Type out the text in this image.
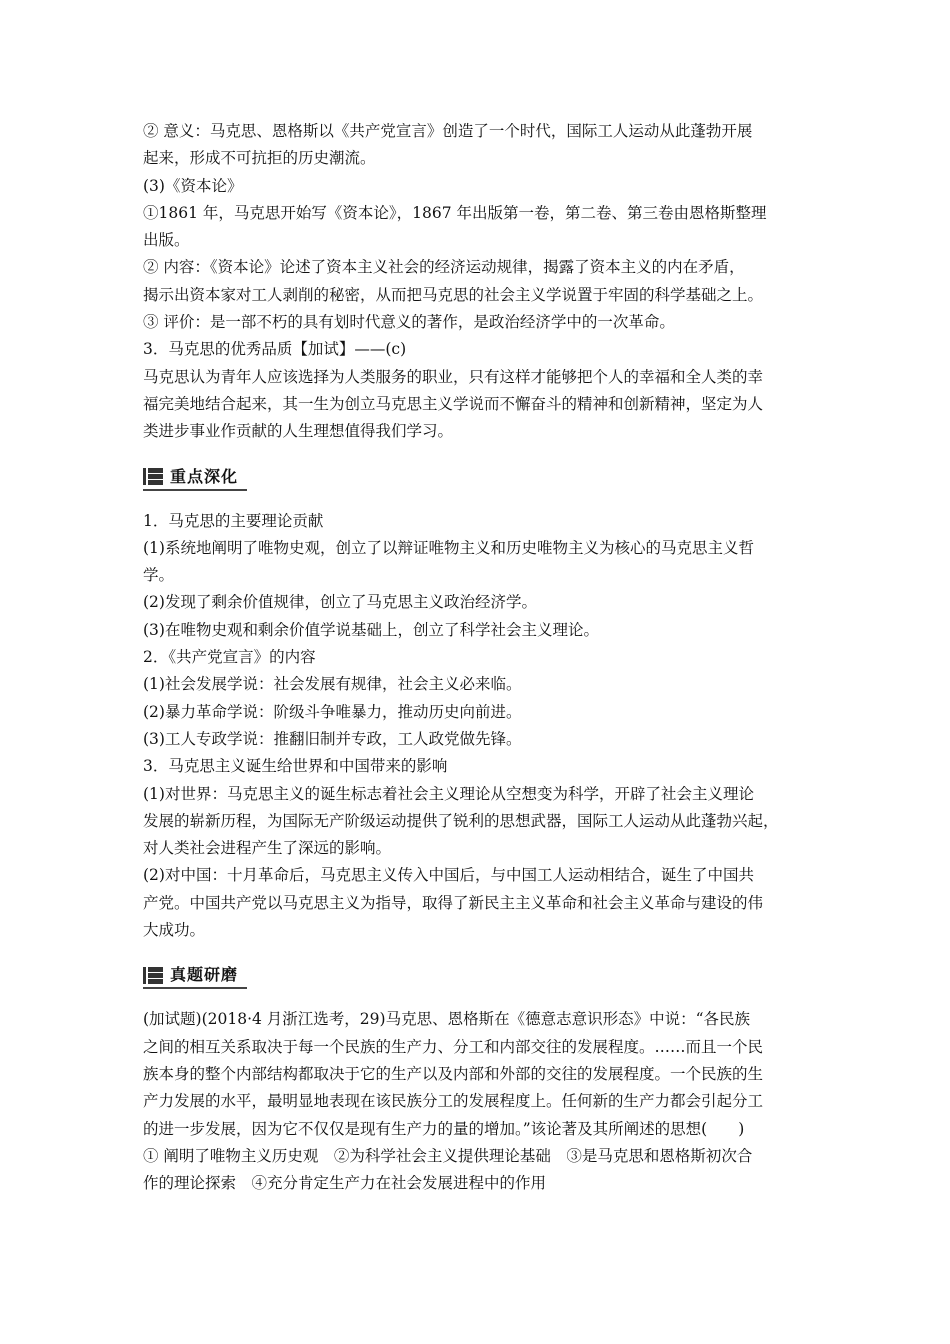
② 意义：马克思、恩格斯以《共产党宣言》创造了一个时代，国际工人运动从此蓬勃开展

起来，形成不可抗拒的历史潮流。

(3)《资本论》

①1861 年，马克思开始写《资本论》，1867 年出版第一卷，第二卷、第三卷由恩格斯整理

出版。

② 内容：《资本论》论述了资本主义社会的经济运动规律，揭露了资本主义的内在矛盾，

揭示出资本家对工人剥削的秘密，从而把马克思的社会主义学说置于牢固的科学基础之上。

③ 评价：是一部不朽的具有划时代意义的著作，是政治经济学中的一次革命。

3．马克思的优秀品质【加试】——(c)

马克思认为青年人应该选择为人类服务的职业，只有这样才能够把个人的幸福和全人类的幸

福完美地结合起来，其一生为创立马克思主义学说而不懈奋斗的精神和创新精神，坚定为人

类进步事业作贡献的人生理想值得我们学习。

重点深化

1．马克思的主要理论贡献

(1)系统地阐明了唯物史观，创立了以辩证唯物主义和历史唯物主义为核心的马克思主义哲

学。

(2)发现了剩余价值规律，创立了马克思主义政治经济学。

(3)在唯物史观和剩余价值学说基础上，创立了科学社会主义理论。

2．《共产党宣言》的内容

(1)社会发展学说：社会发展有规律，社会主义必来临。

(2)暴力革命学说：阶级斗争唯暴力，推动历史向前进。

(3)工人专政学说：推翻旧制并专政，工人政党做先锋。

3．马克思主义诞生给世界和中国带来的影响

(1)对世界：马克思主义的诞生标志着社会主义理论从空想变为科学，开辟了社会主义理论

发展的崭新历程，为国际无产阶级运动提供了锐利的思想武器，国际工人运动从此蓬勃兴起，

对人类社会进程产生了深远的影响。

(2)对中国：十月革命后，马克思主义传入中国后，与中国工人运动相结合，诞生了中国共

产党。中国共产党以马克思主义为指导，取得了新民主主义革命和社会主义革命与建设的伟

大成功。

真题研磨

(加试题)(2018·4 月浙江选考，29)马克思、恩格斯在《德意志意识形态》中说：“各民族

之间的相互关系取决于每一个民族的生产力、分工和内部交往的发展程度。……而且一个民

族本身的整个内部结构都取决于它的生产以及内部和外部的交往的发展程度。一个民族的生

产力发展的水平，最明显地表现在该民族分工的发展程度上。任何新的生产力都会引起分工

的进一步发展，因为它不仅仅是现有生产力的量的增加。”该论著及其所阐述的思想(　　)

① 阐明了唯物主义历史观　②为科学社会主义提供理论基础　③是马克思和恩格斯初次合

作的理论探索　④充分肯定生产力在社会发展进程中的作用
